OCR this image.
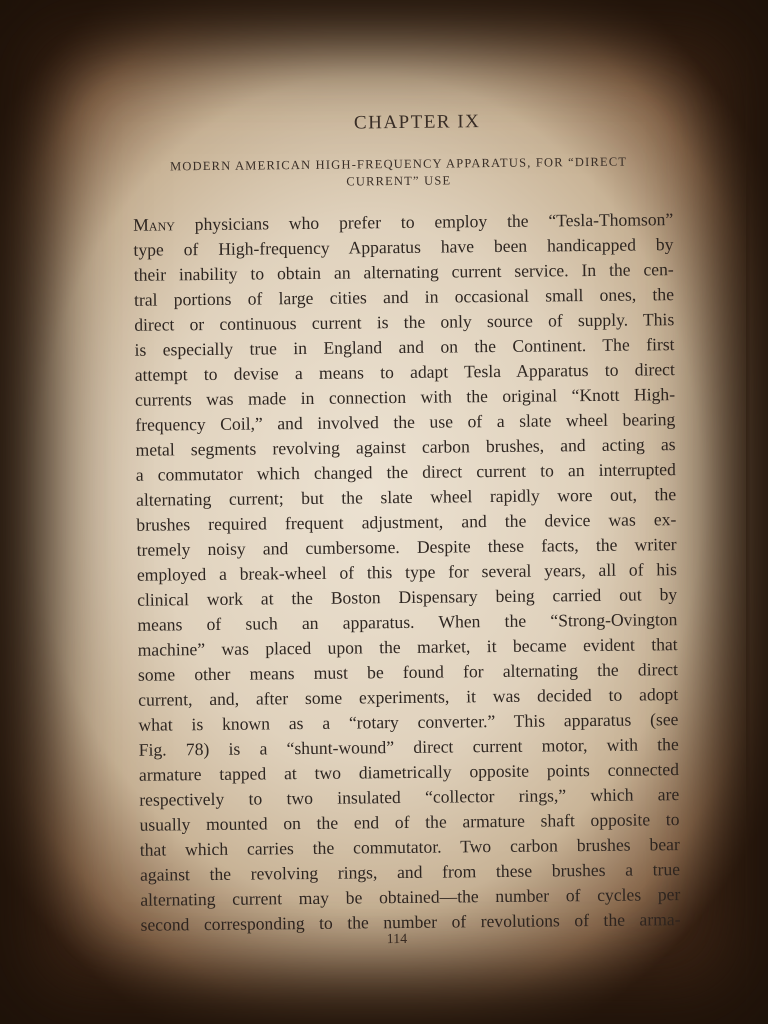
CHAPTER IX
MODERN AMERICAN HIGH-FREQUENCY APPARATUS, FOR “DIRECT
CURRENT” USE
Many physicians who prefer to employ the “Tesla-Thomson”
type of High-frequency Apparatus have been handicapped by
their inability to obtain an alternating current service. In the cen-
tral portions of large cities and in occasional small ones, the
direct or continuous current is the only source of supply. This
is especially true in England and on the Continent. The first
attempt to devise a means to adapt Tesla Apparatus to direct
currents was made in connection with the original “Knott High-
frequency Coil,” and involved the use of a slate wheel bearing
metal segments revolving against carbon brushes, and acting as
a commutator which changed the direct current to an interrupted
alternating current; but the slate wheel rapidly wore out, the
brushes required frequent adjustment, and the device was ex-
tremely noisy and cumbersome. Despite these facts, the writer
employed a break-wheel of this type for several years, all of his
clinical work at the Boston Dispensary being carried out by
means of such an apparatus. When the “Strong-Ovington
machine” was placed upon the market, it became evident that
some other means must be found for alternating the direct
current, and, after some experiments, it was decided to adopt
what is known as a “rotary converter.” This apparatus (see
Fig. 78) is a “shunt-wound” direct current motor, with the
armature tapped at two diametrically opposite points connected
respectively to two insulated “collector rings,” which are
usually mounted on the end of the armature shaft opposite to
that which carries the commutator. Two carbon brushes bear
against the revolving rings, and from these brushes a true
alternating current may be obtained—the number of cycles per
second corresponding to the number of revolutions of the arma-
114
